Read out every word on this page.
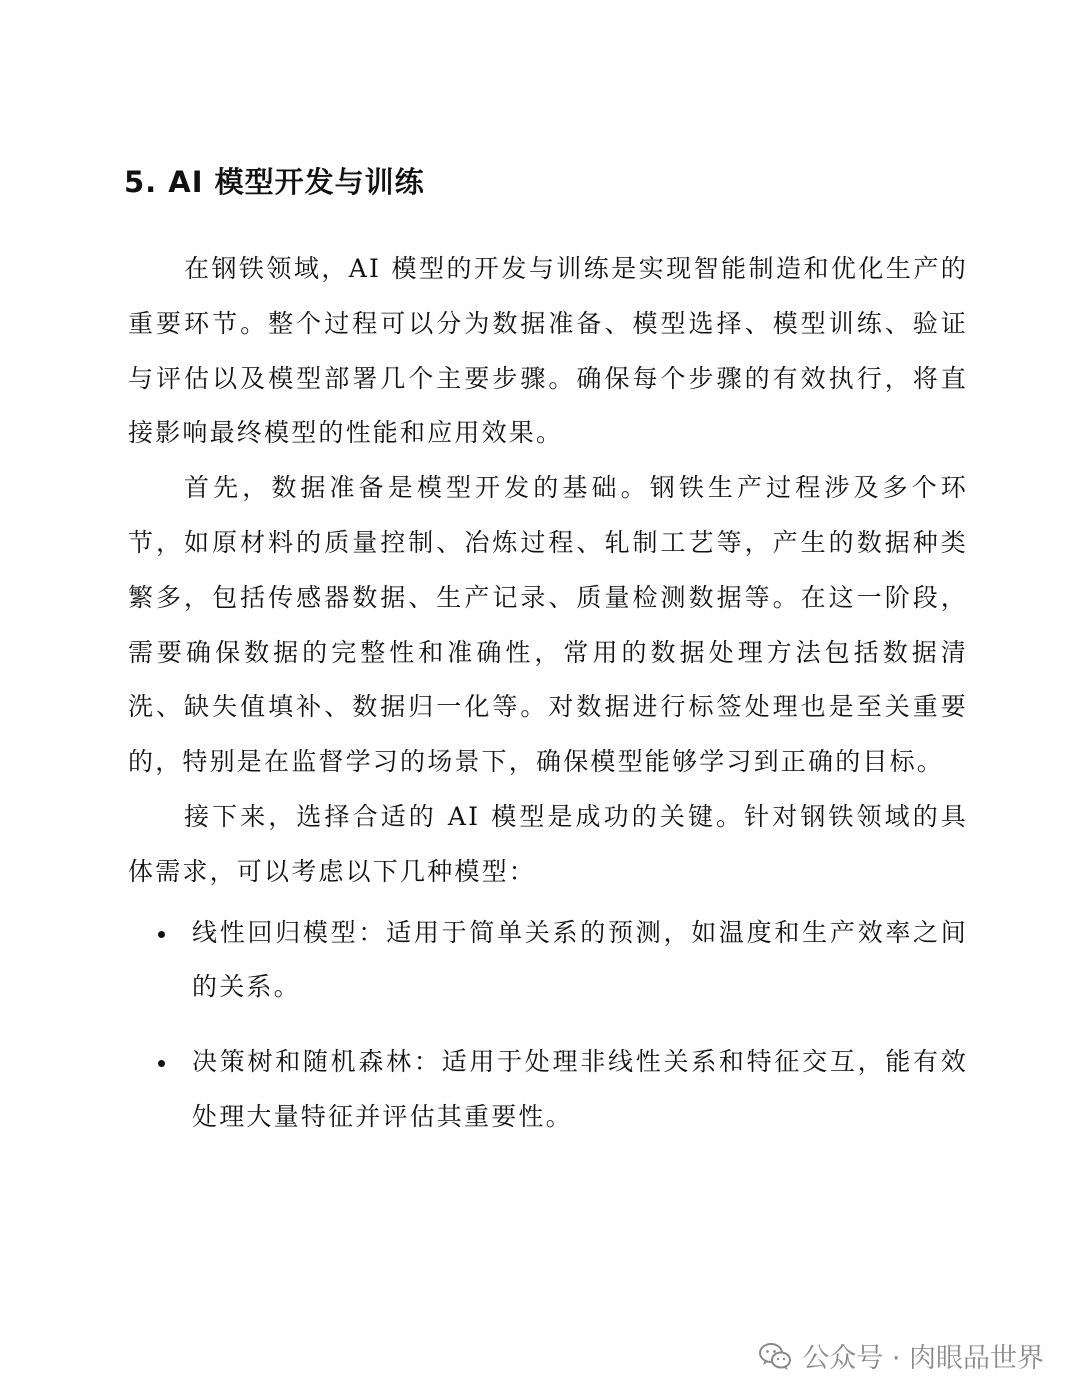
5. AI 模型开发与训练

在钢铁领域，AI 模型的开发与训练是实现智能制造和优化生产的重要环节。整个过程可以分为数据准备、模型选择、模型训练、验证与评估以及模型部署几个主要步骤。确保每个步骤的有效执行，将直接影响最终模型的性能和应用效果。

首先，数据准备是模型开发的基础。钢铁生产过程涉及多个环节，如原材料的质量控制、冶炼过程、轧制工艺等，产生的数据种类繁多，包括传感器数据、生产记录、质量检测数据等。在这一阶段，需要确保数据的完整性和准确性，常用的数据处理方法包括数据清洗、缺失值填补、数据归一化等。对数据进行标签处理也是至关重要的，特别是在监督学习的场景下，确保模型能够学习到正确的目标。

接下来，选择合适的 AI 模型是成功的关键。针对钢铁领域的具体需求，可以考虑以下几种模型：

线性回归模型：适用于简单关系的预测，如温度和生产效率之间的关系。
决策树和随机森林：适用于处理非线性关系和特征交互，能有效处理大量特征并评估其重要性。
公众号 · 肉眼品世界
